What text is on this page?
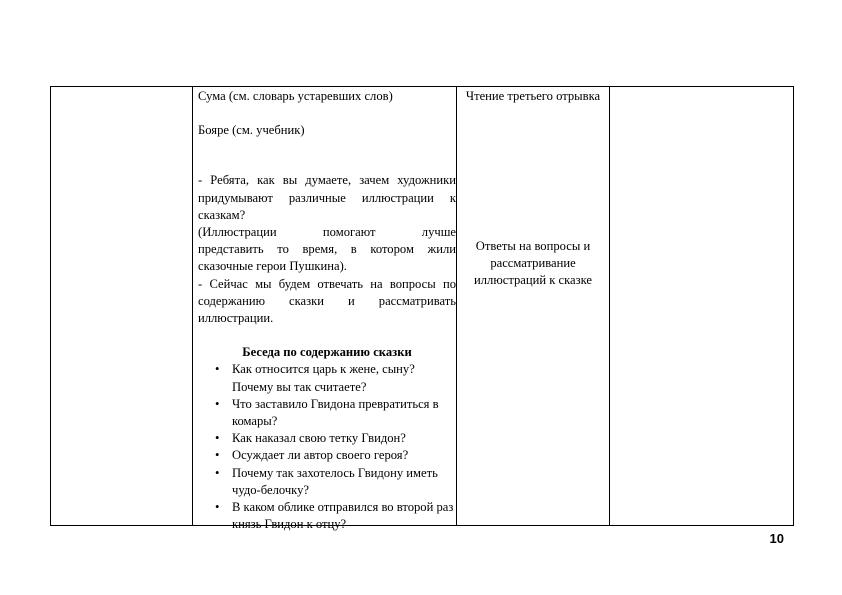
Сума (см. словарь устаревших слов)

Бояре (см. учебник)

- Ребята, как вы думаете, зачем художники

придумывают различные иллюстрации к

сказкам?

(Иллюстрации помогают лучше

представить то время, в котором жили

сказочные герои Пушкина).

- Сейчас мы будем отвечать на вопросы по

содержанию сказки и рассматривать

иллюстрации.

Беседа по содержанию сказки

• Как относится царь к жене, сыну? Почему вы так считаете?
• Что заставило Гвидона превратиться в комары?
• Как наказал свою тетку Гвидон?
• Осуждает ли автор своего героя?
• Почему так захотелось Гвидону иметь чудо-белочку?
• В каком облике отправился во второй раз князь Гвидон к отцу?
Чтение третьего отрывка
Ответы на вопросы и рассматривание иллюстраций к сказке
10
